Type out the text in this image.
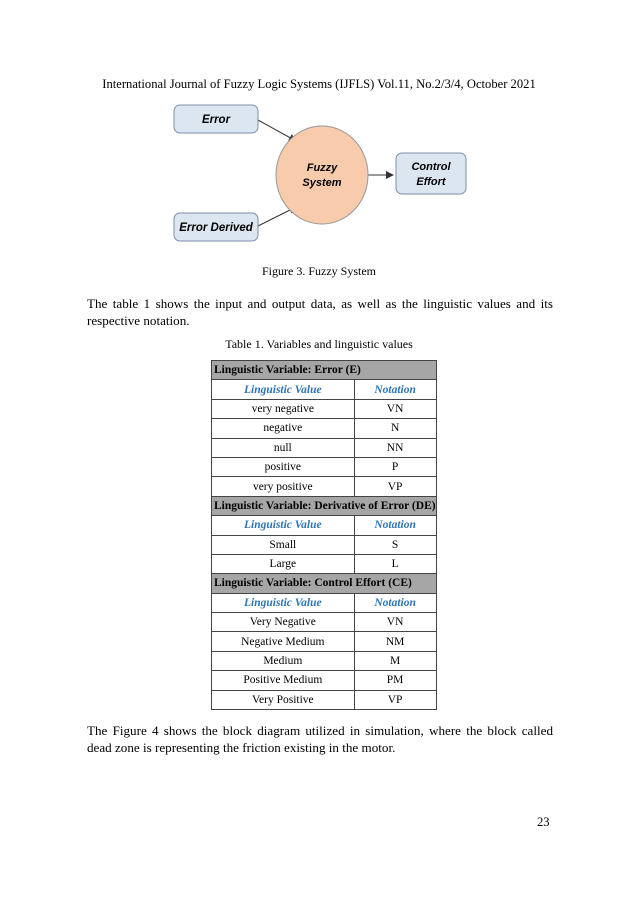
International Journal of Fuzzy Logic Systems (IJFLS) Vol.11, No.2/3/4, October 2021
Error
Error Derived
Fuzzy
System
Control
Effort
Figure 3. Fuzzy System
The table 1 shows the input and output data, as well as the linguistic values and its respective notation.
Table 1. Variables and linguistic values
Linguistic Variable: Error (E)	
Linguistic Value	Notation
very negative	VN
negative	N
null	NN
positive	P
very positive	VP
Linguistic Variable: Derivative of Error (DE)	
Linguistic Value	Notation
Small	S
Large	L
Linguistic Variable: Control Effort (CE)	
Linguistic Value	Notation
Very Negative	VN
Negative Medium	NM
Medium	M
Positive Medium	PM
Very Positive	VP
The Figure 4 shows the block diagram utilized in simulation, where the block called dead zone is representing the friction existing in the motor.
23
